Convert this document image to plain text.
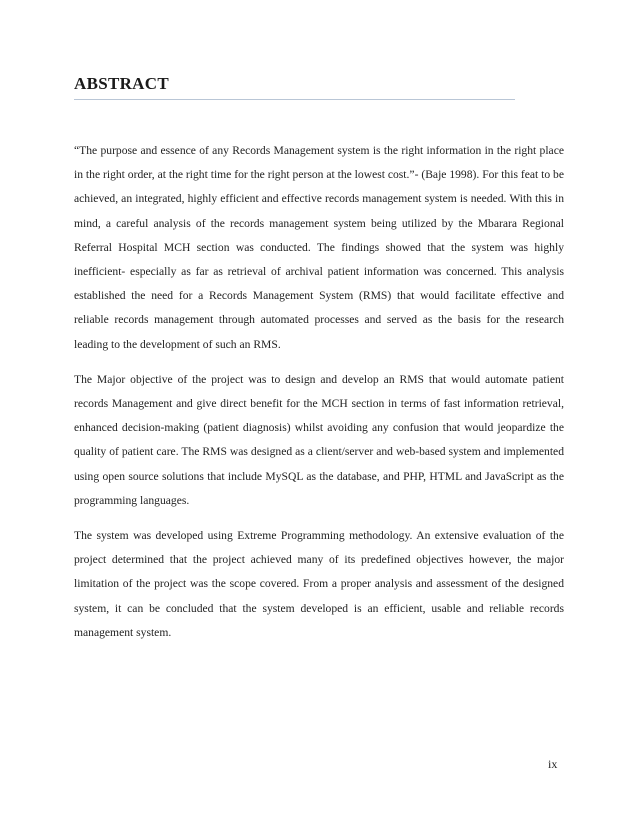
ABSTRACT

“The purpose and essence of any Records Management system is the right information in the right place in the right order, at the right time for the right person at the lowest cost.”- (Baje 1998). For this feat to be achieved, an integrated, highly efficient and effective records management system is needed. With this in mind, a careful analysis of the records management system being utilized by the Mbarara Regional Referral Hospital MCH section was conducted. The findings showed that the system was highly inefficient- especially as far as retrieval of archival patient information was concerned. This analysis established the need for a Records Management System (RMS) that would facilitate effective and reliable records management through automated processes and served as the basis for the research leading to the development of such an RMS.

The Major objective of the project was to design and develop an RMS that would automate patient records Management and give direct benefit for the MCH section in terms of fast information retrieval, enhanced decision-making (patient diagnosis) whilst avoiding any confusion that would jeopardize the quality of patient care. The RMS was designed as a client/server and web-based system and implemented using open source solutions that include MySQL as the database, and PHP, HTML and JavaScript as the programming languages.

The system was developed using Extreme Programming methodology. An extensive evaluation of the project determined that the project achieved many of its predefined objectives however, the major limitation of the project was the scope covered. From a proper analysis and assessment of the designed system, it can be concluded that the system developed is an efficient, usable and reliable records management system.

ix
